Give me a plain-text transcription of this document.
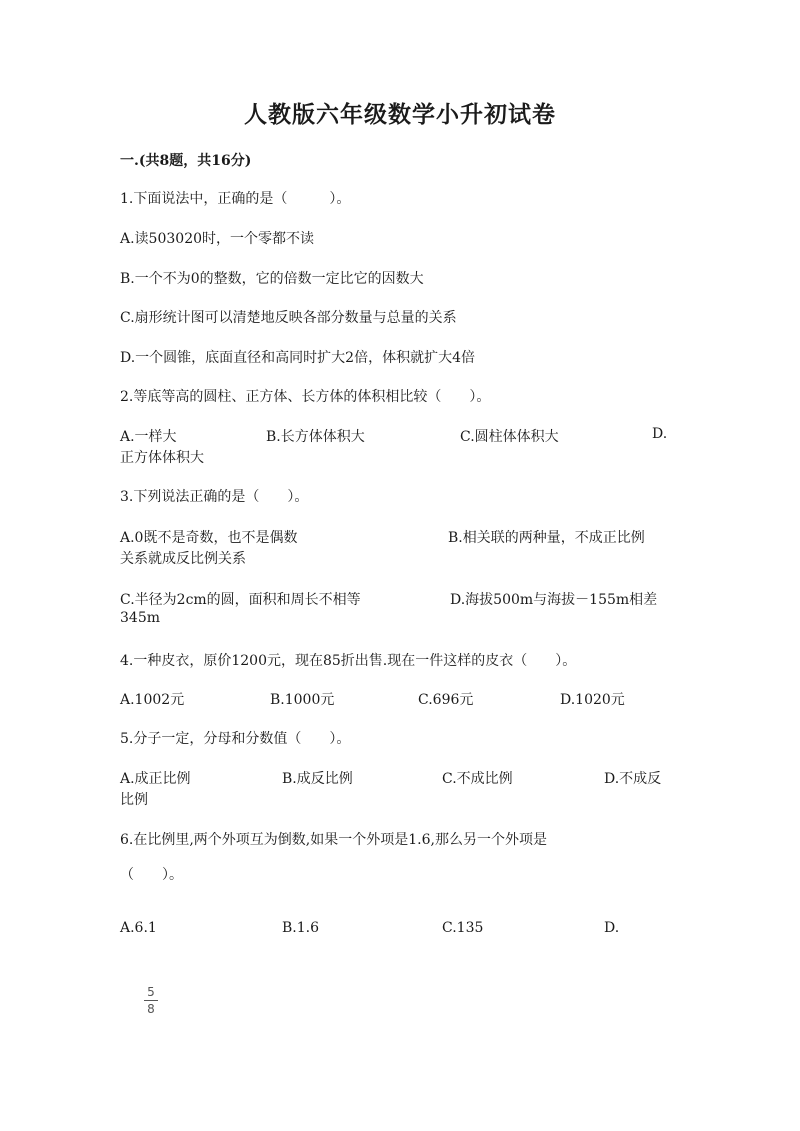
人教版六年级数学小升初试卷
一.(共8题，共16分)
1.下面说法中，正确的是（　　　）。
A.读503020时，一个零都不读
B.一个不为0的整数，它的倍数一定比它的因数大
C.扇形统计图可以清楚地反映各部分数量与总量的关系
D.一个圆锥，底面直径和高同时扩大2倍，体积就扩大4倍
2.等底等高的圆柱、正方体、长方体的体积相比较（　　）。
A.一样大	B.长方体体积大	C.圆柱体体积大	D.
正方体体积大
3.下列说法正确的是（　　）。
A.0既不是奇数，也不是偶数	B.相关联的两种量，不成正比例
关系就成反比例关系
C.半径为2cm的圆，面积和周长不相等	D.海拔500m与海拔－155m相差
345m
4.一种皮衣，原价1200元，现在85折出售.现在一件这样的皮衣（　　）。
A.1002元	B.1000元	C.696元	D.1020元
5.分子一定，分母和分数值（　　）。
A.成正比例	B.成反比例	C.不成比例	D.不成反
比例
6.在比例里,两个外项互为倒数,如果一个外项是1.6,那么另一个外项是
（　　）。
A.6.1	B.1.6	C.135	D.
5
8
